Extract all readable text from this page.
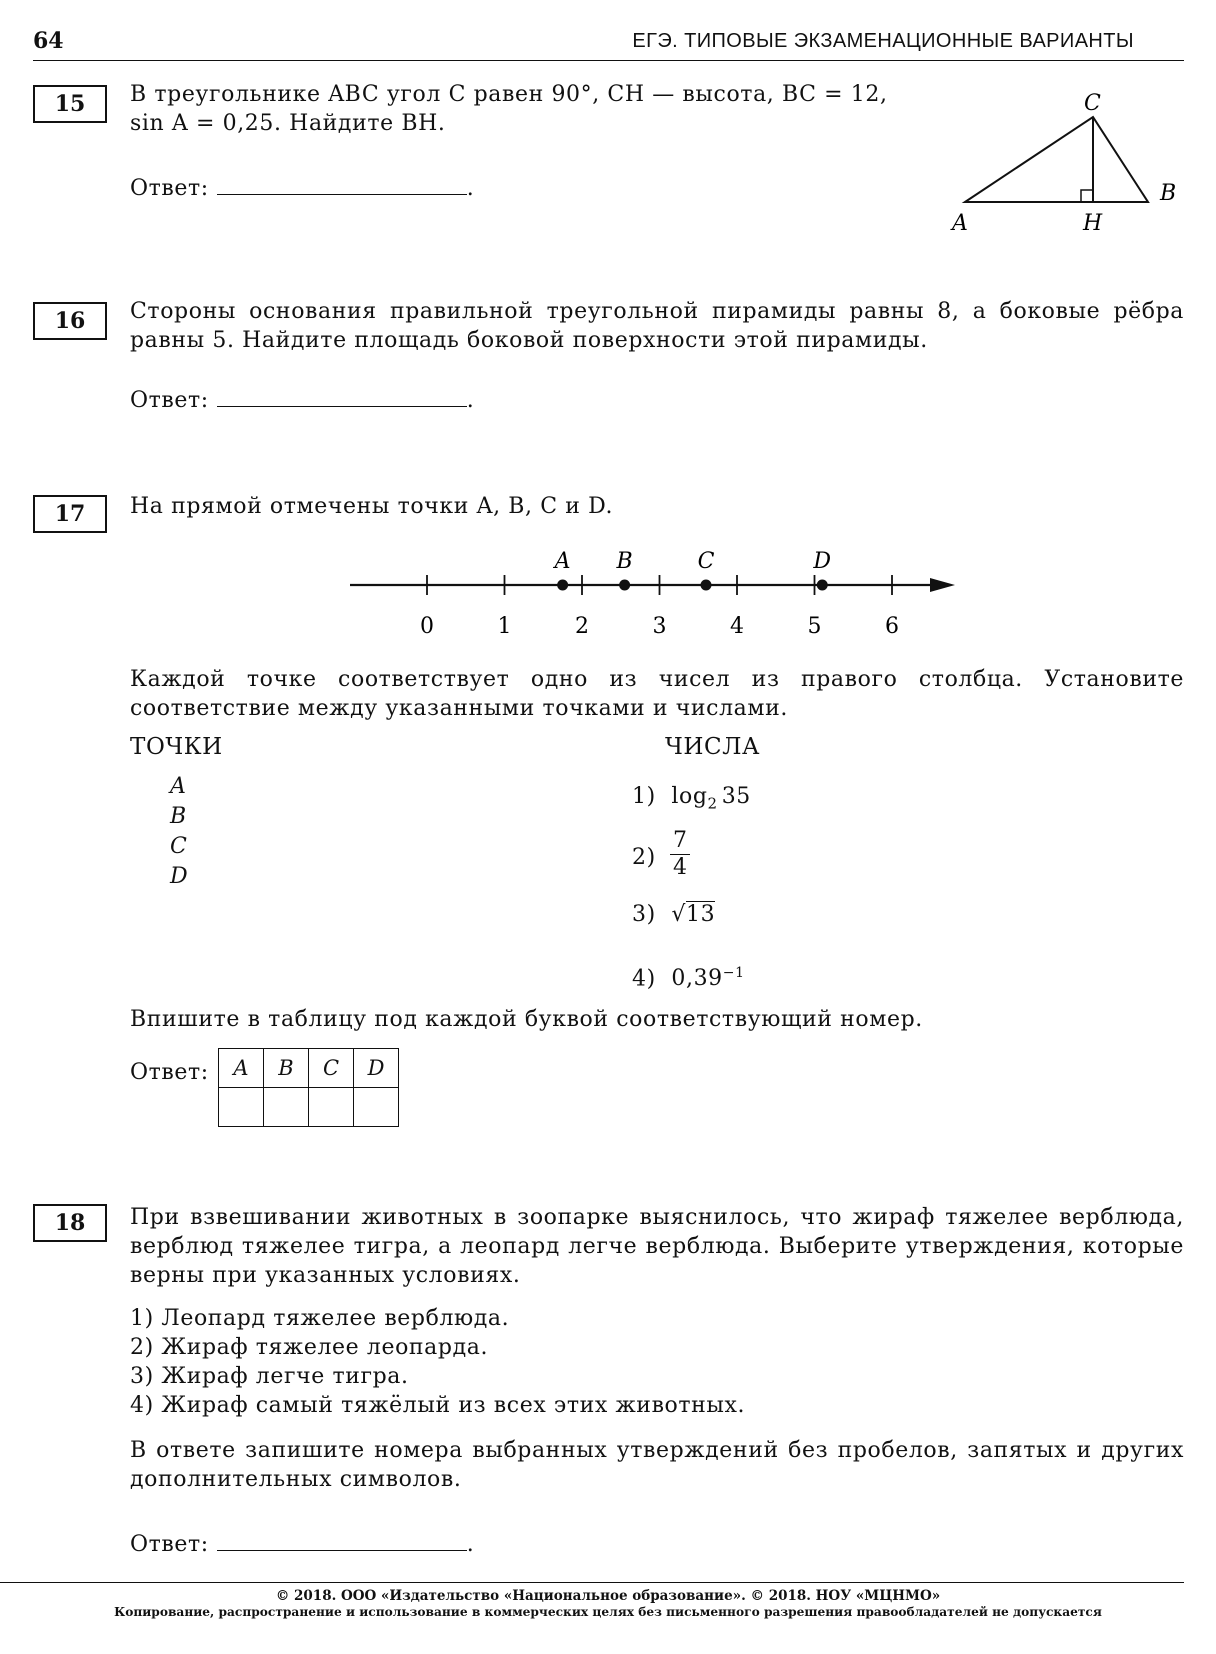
64	ЕГЭ. ТИПОВЫЕ ЭКЗАМЕНАЦИОННЫЕ ВАРИАНТЫ
15	В треугольнике ABC угол C равен 90°, CH — высота, BC = 12,
sin A = 0,25. Найдите BH.
Ответ:	.
C
A	H
B
16	Стороны основания правильной треугольной пирамиды равны 8, а боковые рёбра равны 5. Найдите площадь боковой поверхности этой пирамиды.
Ответ:	.
17	На прямой отмечены точки A, B, C и D.
0	1	2	3	4	5	6
A B	C	D
Каждой точке соответствует одно из чисел из правого столбца. Установите
соответствие между указанными точками и числами.
ТОЧКИ	ЧИСЛА
A
B
C
D
1) $\log_2 35$
$2) \frac{7}{4}$
3) √13
4) $0,39^{-1}$
Впишите в таблицу под каждой буквой соответствующий номер.
Ответ: A	B	C	D

18	При взвешивании животных в зоопарке выяснилось, что жираф тяжелее верблюда,
верблюд тяжелее тигра, а леопард легче верблюда. Выберите утверждения, которые
верны при указанных условиях.
1) Леопард тяжелее верблюда.
2) Жираф тяжелее леопарда.
3) Жираф легче тигра.
4) Жираф самый тяжёлый из всех этих животных.
В ответе запишите номера выбранных утверждений без пробелов, запятых и других
дополнительных символов.
Ответ:	.
© 2018. ООО «Издательство «Национальное образование». © 2018. НОУ «МЦНМО»
Копирование, распространение и использование в коммерческих целях без письменного разрешения правообладателей не допускается
